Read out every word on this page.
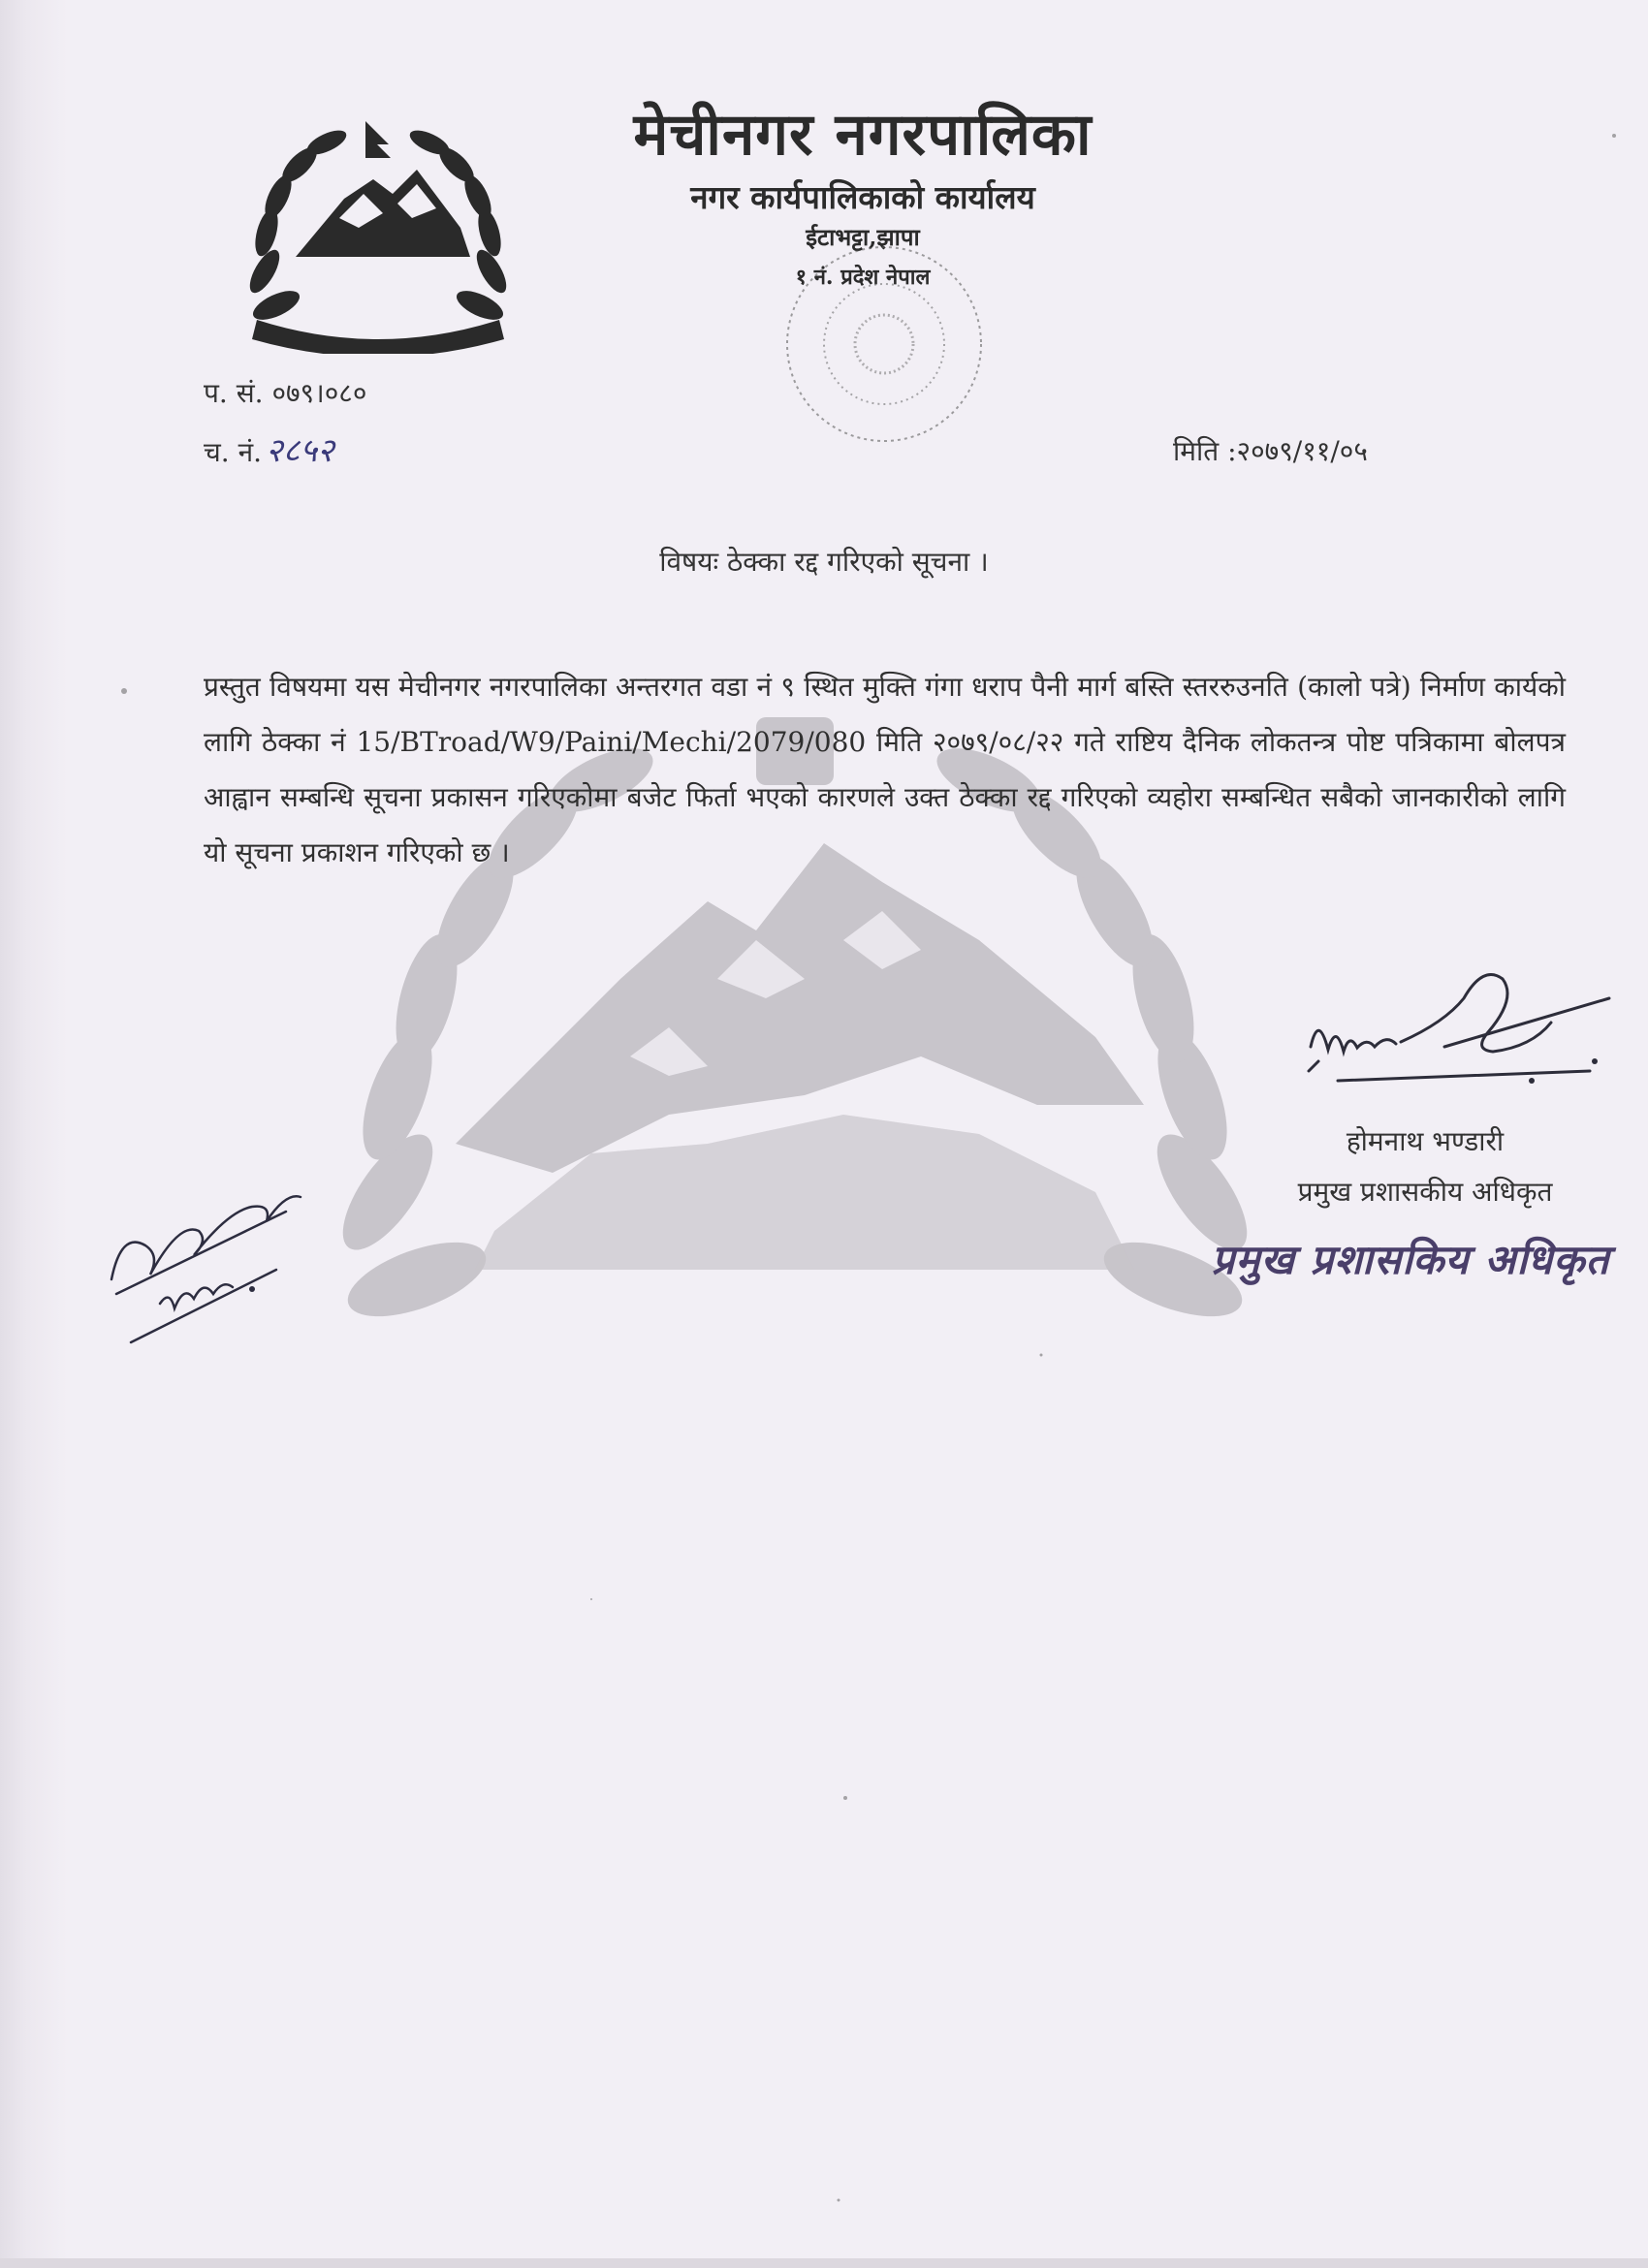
मेचीनगर नगरपालिका
नगर कार्यपालिकाको कार्यालय
ईटाभट्टा,झापा
१ नं. प्रदेश नेपाल
प. सं. ०७९।०८०
च. नं. २८५२	मिति :२०७९/११/०५
विषयः ठेक्का रद्द गरिएको सूचना ।
प्रस्तुत विषयमा यस मेचीनगर नगरपालिका अन्तरगत वडा नं ९ स्थित मुक्ति गंगा धराप पैनी मार्ग बस्ति स्तररुउनति (कालो पत्रे) निर्माण कार्यको लागि ठेक्का नं 15/BTroad/W9/Paini/Mechi/2079/080 मिति २०७९/०८/२२ गते राष्टिय दैनिक लोकतन्त्र पोष्ट पत्रिकामा बोलपत्र आह्वान सम्बन्धि सूचना प्रकासन गरिएकोमा बजेट फिर्ता भएको कारणले उक्त ठेक्का रद्द गरिएको व्यहोरा सम्बन्धित सबैको जानकारीको लागि यो सूचना प्रकाशन गरिएको छ ।
होमनाथ भण्डारी
प्रमुख प्रशासकीय अधिकृत
प्रमुख प्रशासकिय अधिकृत
